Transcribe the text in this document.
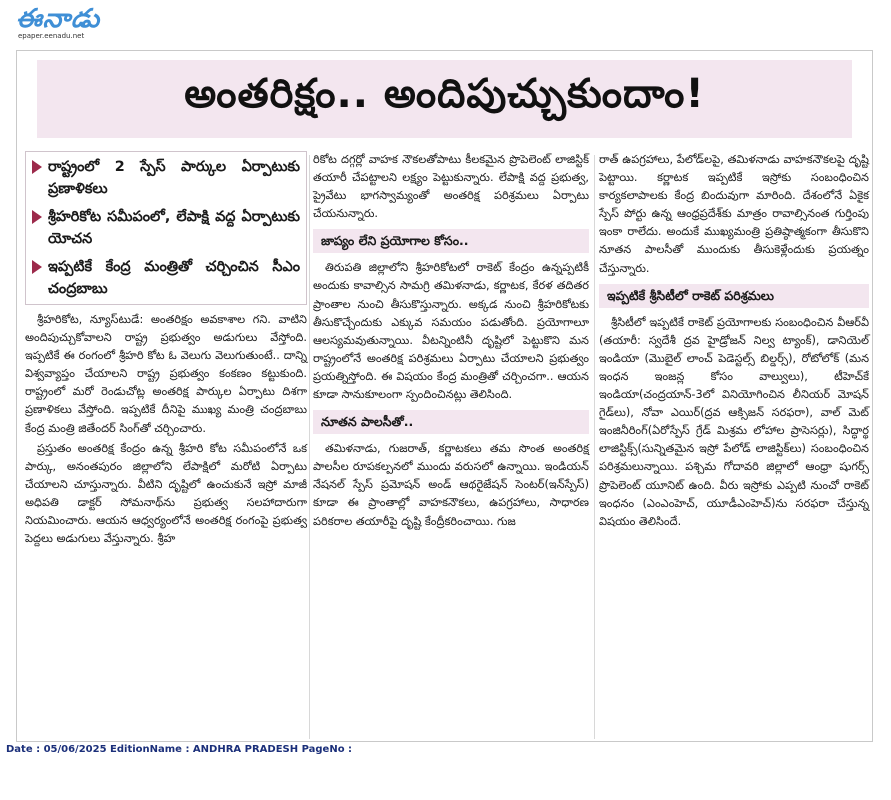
ఈనాడు
epaper.eenadu.net
అంతరిక్షం.. అందిపుచ్చుకుందాం!
రాష్ట్రంలో 2 స్పేస్ పార్కుల ఏర్పాటుకు ప్రణాళికలు
శ్రీహరికోట సమీపంలో, లేపాక్షి వద్ద ఏర్పాటుకు యోచన
ఇప్పటికే కేంద్ర మంత్రితో చర్చించిన సీఎం చంద్రబాబు

శ్రీహరికోట, న్యూస్‌టుడే: అంతరిక్షం అవకాశాల గని. వాటిని అందిపుచ్చుకోవాలని రాష్ట్ర ప్రభుత్వం అడుగులు వేస్తోంది. ఇప్పటికే ఈ రంగంలో శ్రీహరి కోట ఓ వెలుగు వెలుగుతుంటే.. దాన్ని విశ్వవ్యాప్తం చేయాలని రాష్ట్ర ప్రభుత్వం కంకణం కట్టుకుంది. రాష్ట్రంలో మరో రెండుచోట్ల అంతరిక్ష పార్కుల ఏర్పాటు దిశగా ప్రణాళికలు వేస్తోంది. ఇప్పటికే దీనిపై ముఖ్య మంత్రి చంద్రబాబు కేంద్ర మంత్రి జితేందర్ సింగ్‌తో చర్చించారు.

ప్రస్తుతం అంతరిక్ష కేంద్రం ఉన్న శ్రీహరి కోట సమీపంలోనే ఒక పార్కు, అనంతపురం జిల్లాలోని లేపాక్షిలో మరోటి ఏర్పాటు చేయాలని చూస్తున్నారు. వీటిని దృష్టిలో ఉంచుకునే ఇస్రో మాజీ అధిపతి డాక్టర్ సోమనాథ్‌ను ప్రభుత్వ సలహాదారుగా నియమించారు. ఆయన ఆధ్వర్యంలోనే అంతరిక్ష రంగంపై ప్రభుత్వ పెద్దలు అడుగులు వేస్తున్నారు. శ్రీహ

రికోట దగ్గర్లో వాహక నౌకలతోపాటు కీలకమైన ప్రొపెలెంట్ లాజిస్టిక్ తయారీ చేపట్టాలని లక్ష్యం పెట్టుకున్నారు. లేపాక్షి వద్ద ప్రభుత్వ, ప్రైవేటు భాగస్వామ్యంతో అంతరిక్ష పరిశ్రమలు ఏర్పాటు చేయనున్నారు.

జాప్యం లేని ప్రయోగాల కోసం..

తిరుపతి జిల్లాలోని శ్రీహరికోటలో రాకెట్ కేంద్రం ఉన్నప్పటికీ అందుకు కావాల్సిన సామగ్రి తమిళనాడు, కర్ణాటక, కేరళ తదితర ప్రాంతాల నుంచి తీసుకొస్తున్నారు. అక్కడ నుంచి శ్రీహరికోటకు తీసుకొచ్చేందుకు ఎక్కువ సమయం పడుతోంది. ప్రయోగాలూ ఆలస్యమవుతున్నాయి. వీటన్నింటినీ దృష్టిలో పెట్టుకొని మన రాష్ట్రంలోనే అంతరిక్ష పరిశ్రమలు ఏర్పాటు చేయాలని ప్రభుత్వం ప్రయత్నిస్తోంది. ఈ విషయం కేంద్ర మంత్రితో చర్చించగా.. ఆయన కూడా సానుకూలంగా స్పందించినట్లు తెలిసింది.

నూతన పాలసీతో..

తమిళనాడు, గుజరాత్, కర్ణాటకలు తమ సొంత అంతరిక్ష పాలసీల రూపకల్పనలో ముందు వరుసలో ఉన్నాయి. ఇండియన్ నేషనల్ స్పేస్ ప్రమోషన్ అండ్ ఆథరైజేషన్ సెంటర్(ఇన్‌స్పేస్) కూడా ఈ ప్రాంతాల్లో వాహకనౌకలు, ఉపగ్రహాలు, సాధారణ పరికరాల తయారీపై దృష్టి కేంద్రీకరించాయి. గుజ

రాత్ ఉపగ్రహాలు, పేలోడ్‌లపై, తమిళనాడు వాహకనౌకలపై దృష్టి పెట్టాయి. కర్ణాటక ఇప్పటికే ఇస్రోకు సంబంధించిన కార్యకలాపాలకు కేంద్ర బిందువుగా మారింది. దేశంలోనే ఏకైక స్పేస్ పోర్టు ఉన్న ఆంధ్రప్రదేశ్‌కు మాత్రం రావాల్సినంత గుర్తింపు ఇంకా రాలేదు. అందుకే ముఖ్యమంత్రి ప్రతిష్ఠాత్మకంగా తీసుకొని నూతన పాలసీతో ముందుకు తీసుకెళ్లేందుకు ప్రయత్నం చేస్తున్నారు.

ఇప్పటికే శ్రీసిటీలో రాకెట్ పరిశ్రమలు

శ్రీసిటీలో ఇప్పటికే రాకెట్ ప్రయోగాలకు సంబంధించిన వీఆర్‌వీ (తయారీ: స్వదేశీ ద్రవ హైడ్రోజన్ నిల్వ ట్యాంక్), డానియెల్ ఇండియా (మొబైల్ లాంచ్ పెడెస్టల్స్ బిల్డర్స్), రోటోలోక్ (మన ఇంధన ఇంజన్ల కోసం వాల్వులు), టీహెచ్‌కే ఇండియా(చంద్రయాన్-3లో వినియోగించిన లీనియర్ మోషన్ గైడ్‌లు), నోవా ఎయిర్(ద్రవ ఆక్సిజన్ సరఫరా), వాల్ మెట్ ఇంజినీరింగ్(ఏరోస్పేస్ గ్రేడ్ మిశ్రమ లోహాల ప్రాసెసర్లు), సిద్ధార్థ లాజిస్టిక్స్(సున్నితమైన ఇస్రో పేలోడ్ లాజిస్టిక్‌లు) సంబంధించిన పరిశ్రమలున్నాయి. పశ్చిమ గోదావరి జిల్లాలో ఆంధ్రా షుగర్స్ ప్రొపెలెంట్ యూనిట్ ఉంది. వీరు ఇస్రోకు ఎప్పటి నుంచో రాకెట్ ఇంధనం (ఎంఎంహెచ్, యూడీఎంహెచ్)ను సరఫరా చేస్తున్న విషయం తెలిసిందే.

Date : 05/06/2025 EditionName : ANDHRA PRADESH PageNo :
